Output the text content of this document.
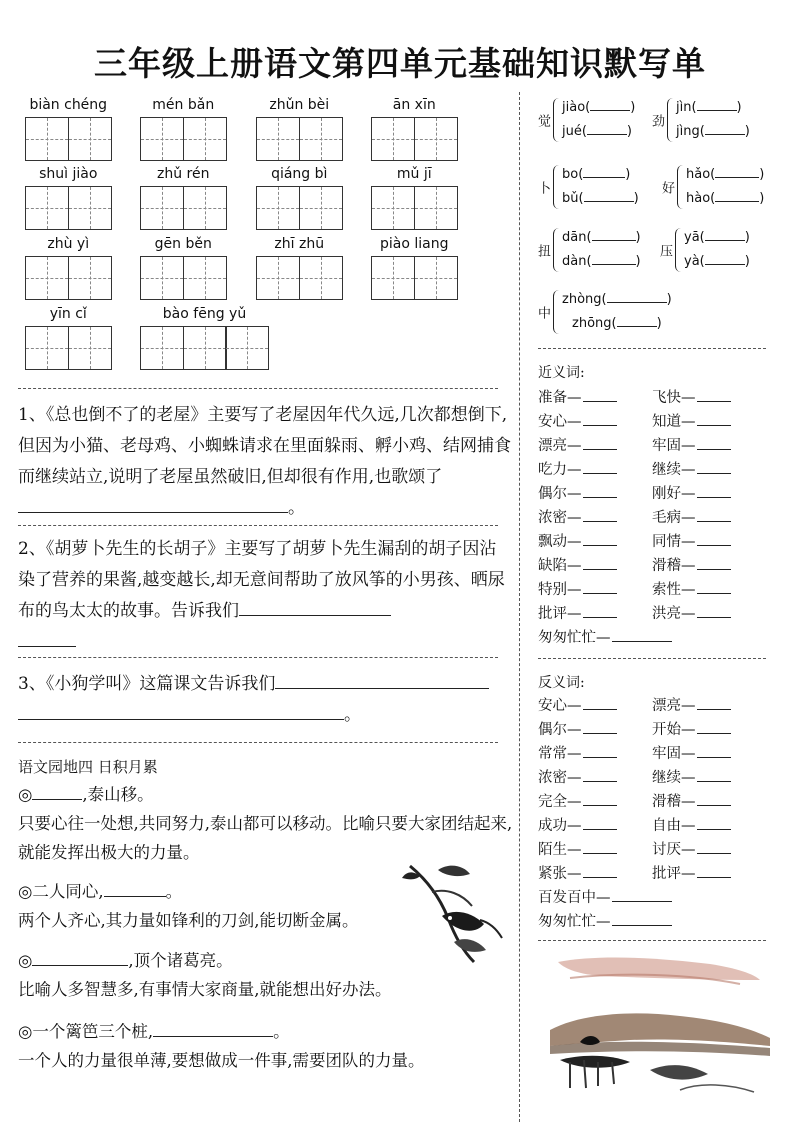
三年级上册语文第四单元基础知识默写单
biàn chéng	mén bǎn	zhǔn bèi	ān xīn
shuì jiào	zhǔ rén	qiáng bì	mǔ jī
zhù yì	gēn běn	zhī zhū	piào liang
yīn cǐ	bào fēng yǔ
1、《总也倒不了的老屋》主要写了老屋因年代久远,几次都想倒下,但因为小猫、老母鸡、小蜘蛛请求在里面躲雨、孵小鸡、结网捕食而继续站立,说明了老屋虽然破旧,但却很有作用,也歌颂了。
2、《胡萝卜先生的长胡子》主要写了胡萝卜先生漏刮的胡子因沾染了营养的果酱,越变越长,却无意间帮助了放风筝的小男孩、晒尿布的鸟太太的故事。告诉我们

3、《小狗学叫》这篇课文告诉我们
。
语文园地四 日积月累
◎	,泰山移。
只要心往一处想,共同努力,泰山都可以移动。比喻只要大家团结起来,就能发挥出极大的力量。
◎二人同心,	。
两个人齐心,其力量如锋利的刀剑,能切断金属。
◎	,顶个诸葛亮。
比喻人多智慧多,有事情大家商量,就能想出好办法。
◎一个篱笆三个桩,	。
一个人的力量很单薄,要想做成一件事,需要团队的力量。
觉
jiào(	)
jué(	)
劲
jìn(	)
jìng(	)
卜
bo(	)
bǔ(	)
好
hǎo(	)
hào(	)
扭
dān(	)
dàn(	)
压
yā(	)
yà(	)
中
zhòng(	)
zhōng(	)
近义词:
准备—	飞快—
安心—	知道—
漂亮—	牢固—
吃力—	继续—
偶尔—	刚好—
浓密—	毛病—
飘动—	同情—
缺陷—	滑稽—
特别—	索性—
批评—	洪亮—
匆匆忙忙—
反义词:
安心—	漂亮—
偶尔—	开始—
常常—	牢固—
浓密—	继续—
完全—	滑稽—
成功—	自由—
陌生—	讨厌—
紧张—	批评—
百发百中—
匆匆忙忙—
